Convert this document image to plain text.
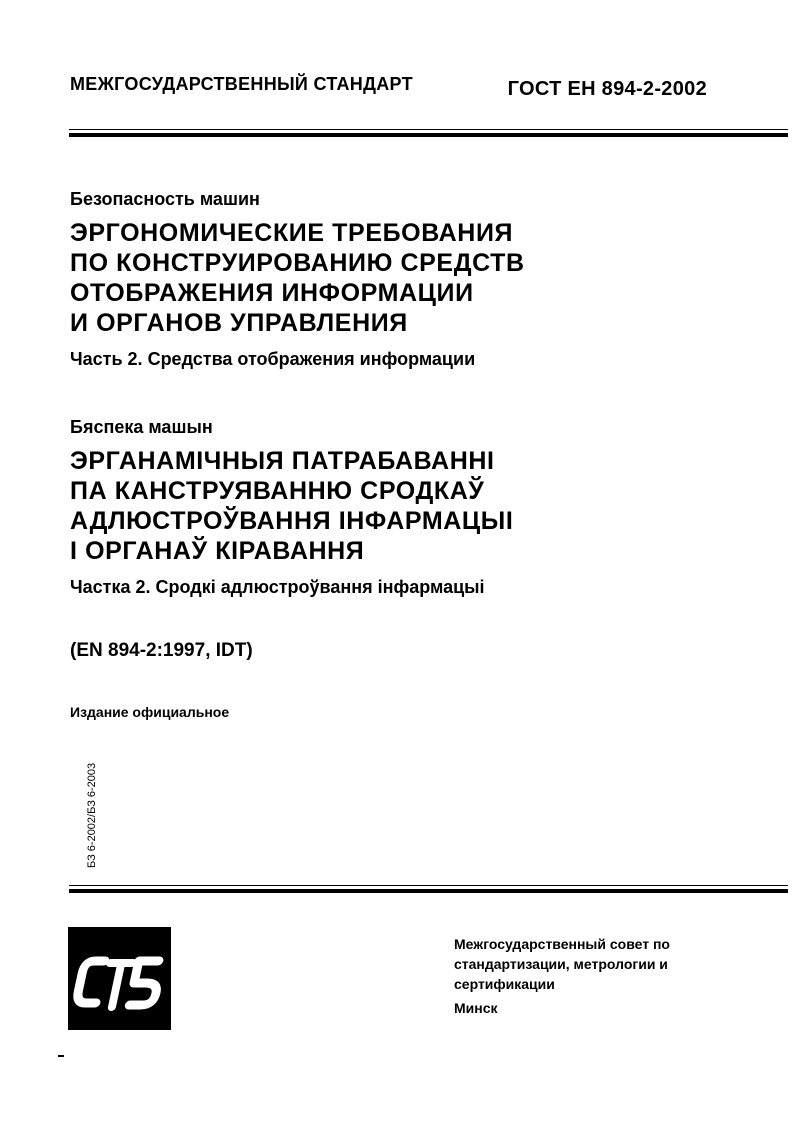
МЕЖГОСУДАРСТВЕННЫЙ СТАНДАРТ	ГОСТ ЕН 894-2-2002
Безопасность машин
ЭРГОНОМИЧЕСКИЕ ТРЕБОВАНИЯ
ПО КОНСТРУИРОВАНИЮ СРЕДСТВ
ОТОБРАЖЕНИЯ ИНФОРМАЦИИ
И ОРГАНОВ УПРАВЛЕНИЯ
Часть 2. Средства отображения информации
Бяспека машын
ЭРГАНАМІЧНЫЯ ПАТРАБАВАННІ
ПА КАНСТРУЯВАННЮ СРОДКАЎ
АДЛЮСТРОЎВАННЯ ІНФАРМАЦЫІ
І ОРГАНАЎ КІРАВАННЯ
Частка 2. Сродкі адлюстроўвання інфармацыі
(EN 894-2:1997, IDT)
Издание официальное
БЗ 6-2002/БЗ 6-2003
Межгосударственный совет по
стандартизации, метрологии и
сертификации
Минск
